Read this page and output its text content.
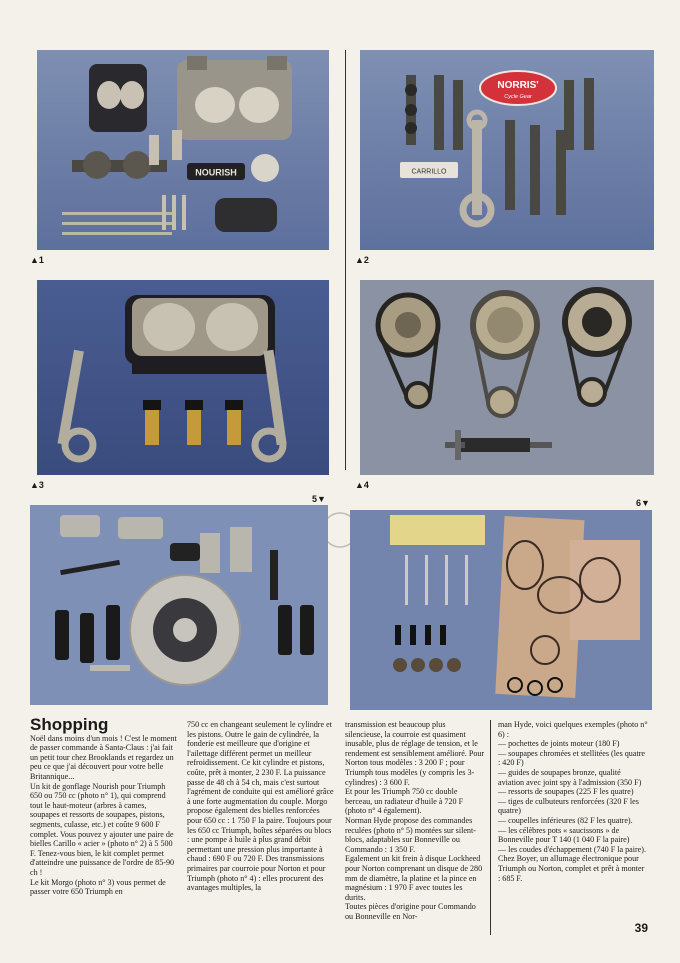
NOURISH
▲1
NORRIS'
Cycle Gear
CARRILLO
▲2
▲3	▲4
5▼	6▼
Shopping
Noël dans moins d'un mois ! C'est le moment de passer commande à Santa-Claus : j'ai fait un petit tour chez Brooklands et regardez un peu ce que j'ai découvert pour votre belle Britannique...
Un kit de gonflage Nourish pour Triumph 650 ou 750 cc (photo n° 1), qui comprend tout le haut-moteur (arbres à cames, soupapes et ressorts de soupapes, pistons, segments, culasse, etc.) et coûte 9 600 F complet. Vous pouvez y ajouter une paire de bielles Carillo « acier » (photo n° 2) à 5 500 F. Tenez-vous bien, le kit complet permet d'atteindre une puissance de l'ordre de 85-90 ch !
Le kit Morgo (photo n° 3) vous permet de passer votre 650 Triumph en
750 cc en changeant seulement le cylindre et les pistons. Outre le gain de cylindrée, la fonderie est meilleure que d'origine et l'ailettage différent permet un meilleur refroidissement. Ce kit cylindre et pistons, coûte, prêt à monter, 2 230 F. La puissance passe de 48 ch à 54 ch, mais c'est surtout l'agrément de conduite qui est amélioré grâce à une forte augmentation du couple. Morgo propose également des bielles renforcées pour 650 cc : 1 750 F la paire. Toujours pour les 650 cc Triumph, boîtes séparées ou blocs : une pompe à huile à plus grand débit permettant une pression plus importante à chaud : 690 F ou 720 F. Des transmissions primaires par courroie pour Norton et pour Triumph (photo n° 4) : elles procurent des avantages multiples, la
transmission est beaucoup plus silencieuse, la courroie est quasiment inusable, plus de réglage de tension, et le rendement est sensiblement amélioré. Pour Norton tous modèles : 3 200 F ; pour Triumph tous modèles (y compris les 3-cylindres) : 3 600 F.
Et pour les Triumph 750 cc double berceau, un radiateur d'huile à 720 F (photo n° 4 également).
Norman Hyde propose des commandes reculées (photo n° 5) montées sur silent-blocs, adaptables sur Bonneville ou Commando : 1 350 F.
Egalement un kit frein à disque Lockheed pour Norton comprenant un disque de 280 mm de diamètre, la platine et la pince en magnésium : 1 970 F avec toutes les durits.
Toutes pièces d'origine pour Commando ou Bonneville en Nor-
man Hyde, voici quelques exemples (photo n° 6) :
— pochettes de joints moteur (180 F)
— soupapes chromées et stellitées (les quatre : 420 F)
— guides de soupapes bronze, qualité aviation avec joint spy à l'admission (350 F)
— ressorts de soupapes (225 F les quatre)
— tiges de culbuteurs renforcées (320 F les quatre)
— coupelles inférieures (82 F les quatre).
— les célèbres pots « saucissons » de Bonneville pour T 140 (1 040 F la paire)
— les coudes d'échappement (740 F la paire).
Chez Boyer, un allumage électronique pour Triumph ou Norton, complet et prêt à monter : 685 F.
39
